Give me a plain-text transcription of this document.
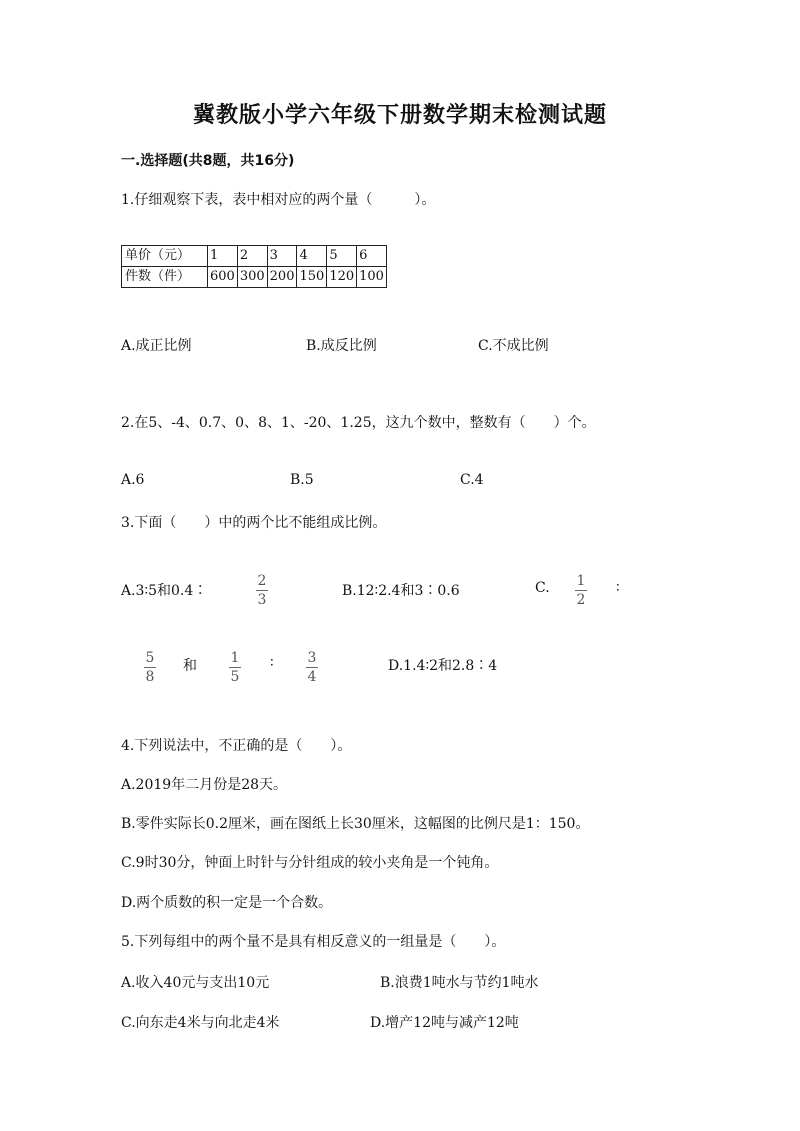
冀教版小学六年级下册数学期末检测试题
一.选择题(共8题，共16分)
1.仔细观察下表，表中相对应的两个量（　　　）。
单价（元）	1	2	3	4	5	6
件数（件）	600	300	200	150	120	100
A.成正比例	B.成反比例	C.不成比例
2.在5、-4、0.7、0、8、1、-20、1.25，这九个数中，整数有（　　）个。
A.6	B.5	C.4
3.下面（　　）中的两个比不能组成比例。
A.3∶5和0.4∶
2
3
B.12∶2.4和3∶0.6	C. 1
2
∶
5
8
和 1
5
∶ 3
4
D.1.4∶2和2.8∶4
4.下列说法中，不正确的是（　　）。
A.2019年二月份是28天。
B.零件实际长0.2厘米，画在图纸上长30厘米，这幅图的比例尺是1：150。
C.9时30分，钟面上时针与分针组成的较小夹角是一个钝角。
D.两个质数的积一定是一个合数。
5.下列每组中的两个量不是具有相反意义的一组量是（　　）。
A.收入40元与支出10元	B.浪费1吨水与节约1吨水
C.向东走4米与向北走4米	D.增产12吨与减产12吨
